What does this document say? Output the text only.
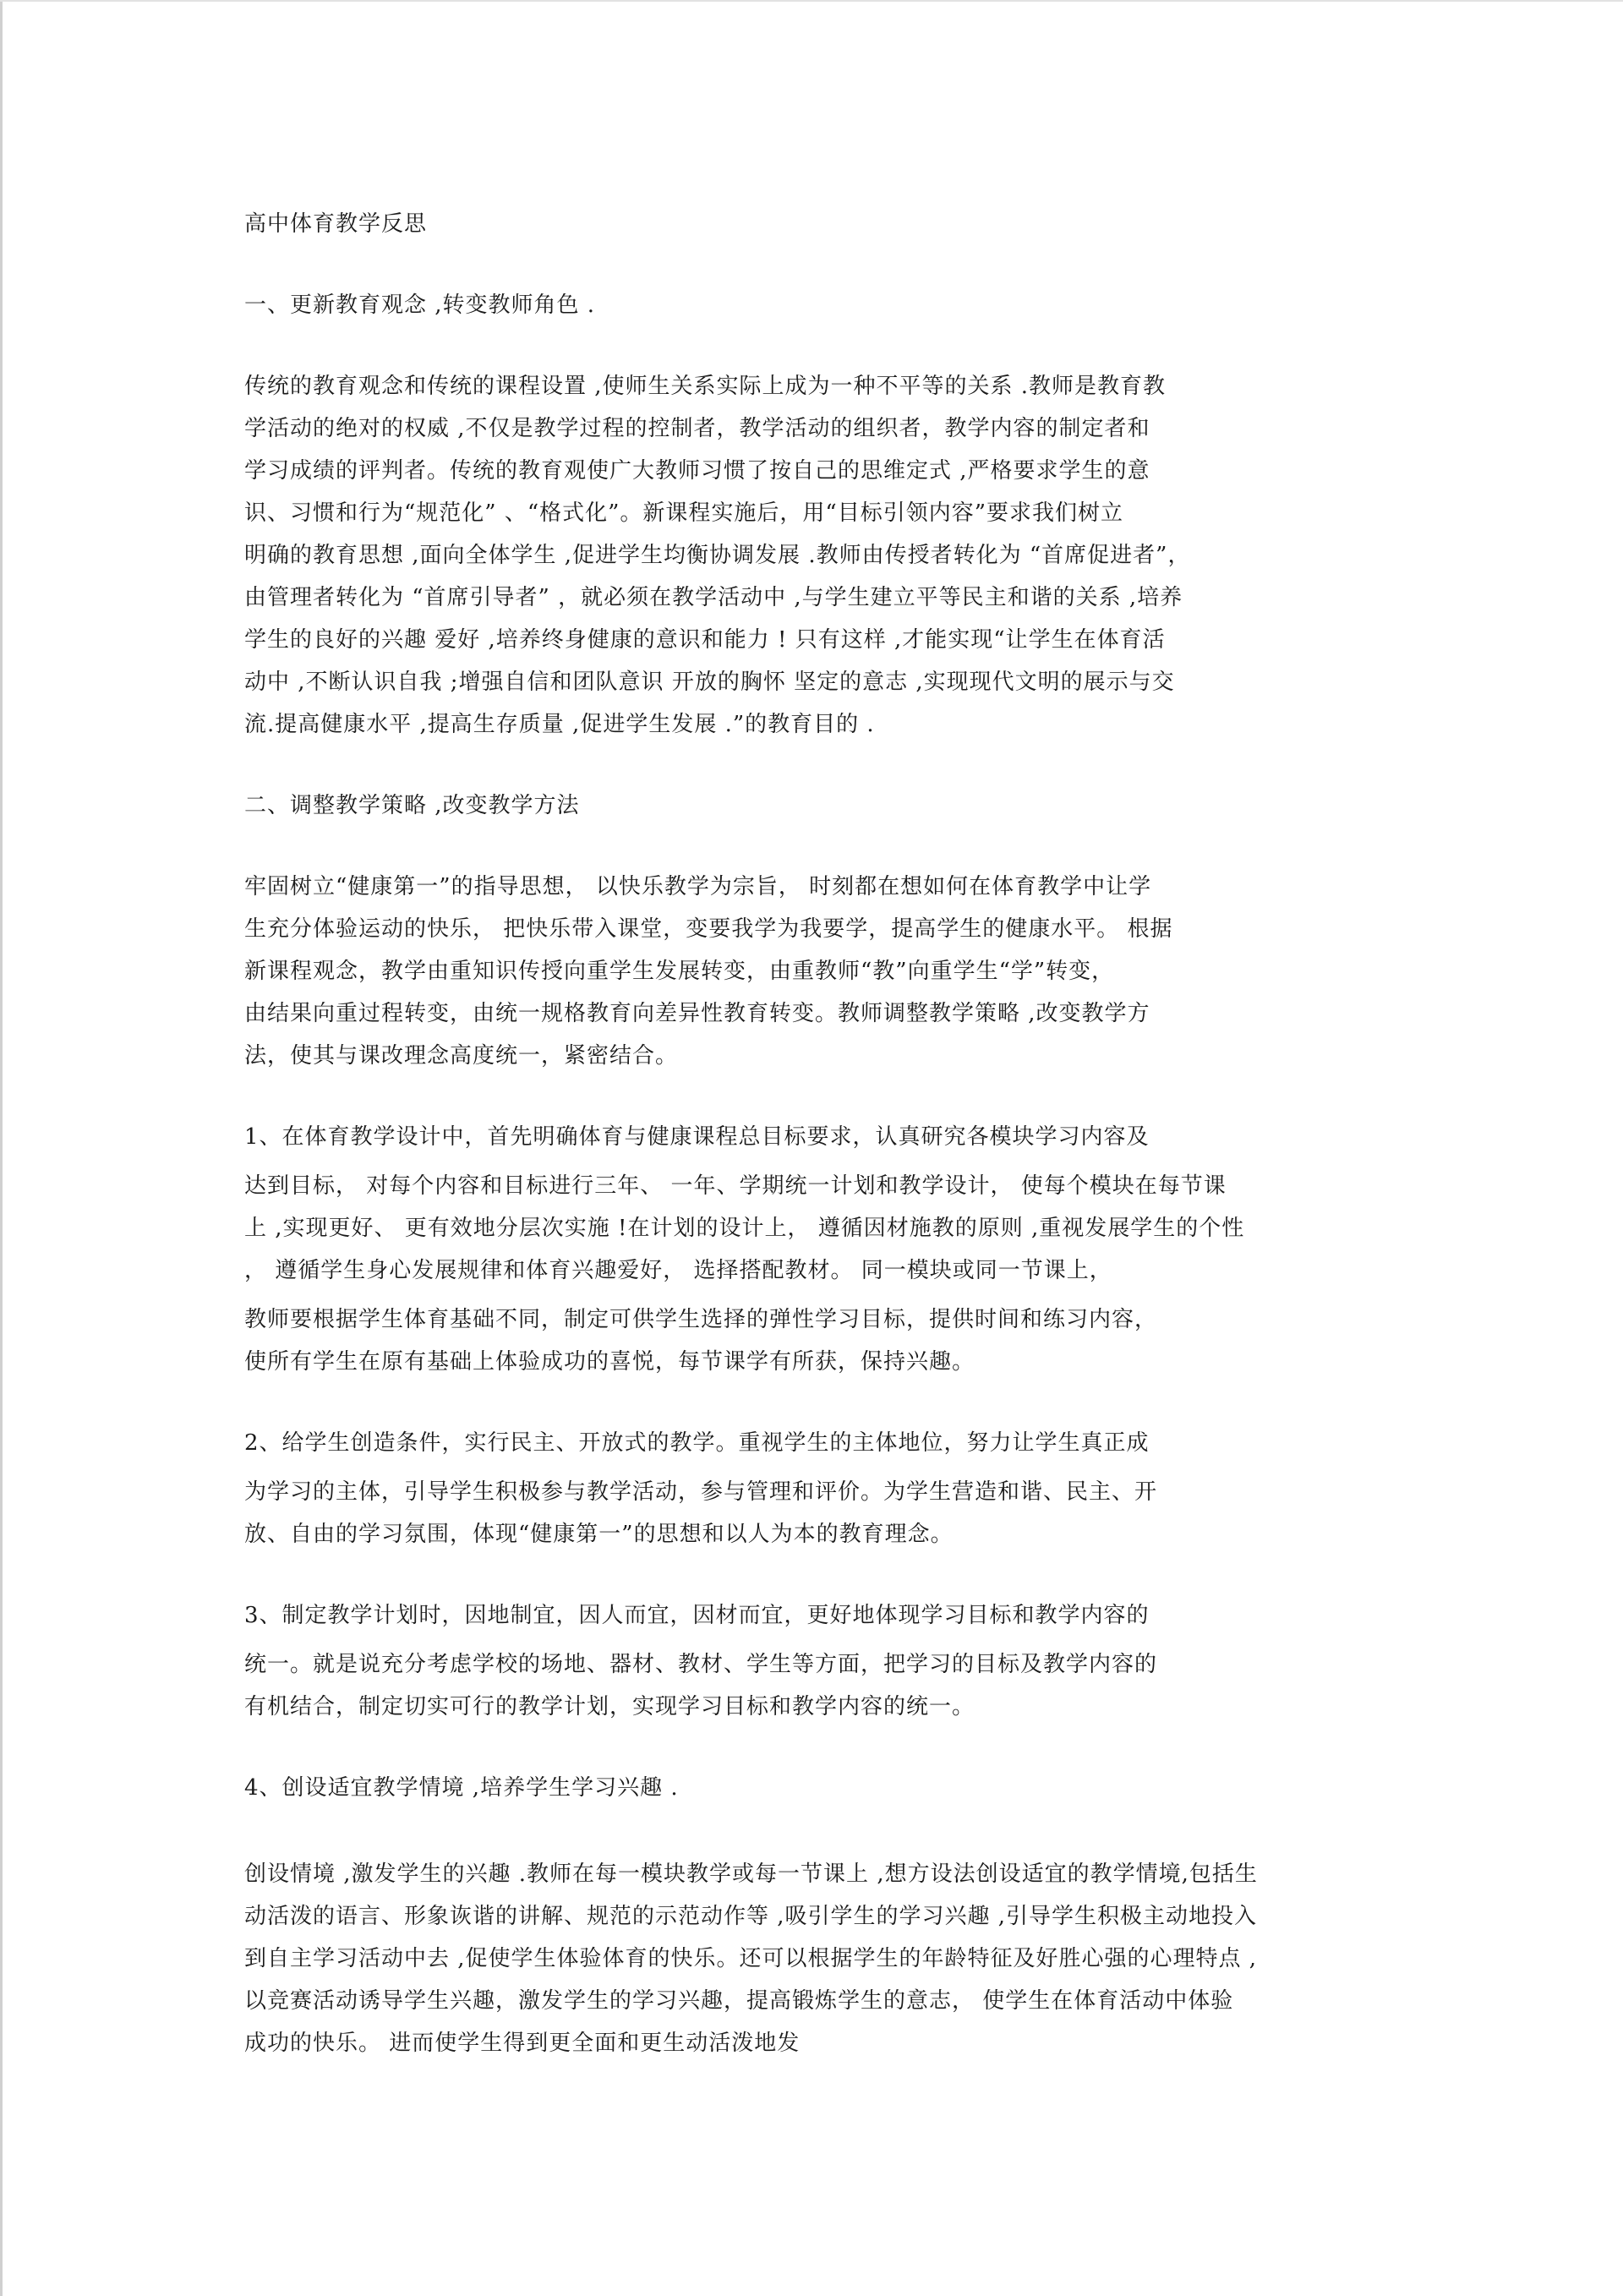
高中体育教学反思
一、更新教育观念 ,转变教师角色 .
传统的教育观念和传统的课程设置 ,使师生关系实际上成为一种不平等的关系 .教师是教育教
学活动的绝对的权威 ,不仅是教学过程的控制者，教学活动的组织者，教学内容的制定者和
学习成绩的评判者。传统的教育观使广大教师习惯了按自己的思维定式 ,严格要求学生的意
识、习惯和行为“规范化” 、“格式化”。新课程实施后，用“目标引领内容”要求我们树立
明确的教育思想 ,面向全体学生 ,促进学生均衡协调发展 .教师由传授者转化为 “首席促进者”，
由管理者转化为 “首席引导者” ，就必须在教学活动中 ,与学生建立平等民主和谐的关系 ,培养
学生的良好的兴趣 爱好 ,培养终身健康的意识和能力 ! 只有这样 ,才能实现“让学生在体育活
动中 ,不断认识自我 ;增强自信和团队意识 开放的胸怀 坚定的意志 ,实现现代文明的展示与交
流.提高健康水平 ,提高生存质量 ,促进学生发展 .”的教育目的 .
二、调整教学策略 ,改变教学方法
牢固树立“健康第一”的指导思想， 以快乐教学为宗旨， 时刻都在想如何在体育教学中让学
生充分体验运动的快乐， 把快乐带入课堂，变要我学为我要学，提高学生的健康水平。 根据
新课程观念，教学由重知识传授向重学生发展转变，由重教师“教”向重学生“学”转变，
由结果向重过程转变，由统一规格教育向差异性教育转变。教师调整教学策略 ,改变教学方
法，使其与课改理念高度统一，紧密结合。
1、在体育教学设计中，首先明确体育与健康课程总目标要求，认真研究各模块学习内容及
达到目标， 对每个内容和目标进行三年、 一年、学期统一计划和教学设计， 使每个模块在每节课
上 ,实现更好、 更有效地分层次实施 !在计划的设计上， 遵循因材施教的原则 ,重视发展学生的个性
， 遵循学生身心发展规律和体育兴趣爱好， 选择搭配教材。 同一模块或同一节课上，
教师要根据学生体育基础不同，制定可供学生选择的弹性学习目标，提供时间和练习内容，
使所有学生在原有基础上体验成功的喜悦，每节课学有所获，保持兴趣。
2、给学生创造条件，实行民主、开放式的教学。重视学生的主体地位，努力让学生真正成
为学习的主体，引导学生积极参与教学活动，参与管理和评价。为学生营造和谐、民主、开
放、自由的学习氛围，体现“健康第一”的思想和以人为本的教育理念。
3、制定教学计划时，因地制宜，因人而宜，因材而宜，更好地体现学习目标和教学内容的
统一。就是说充分考虑学校的场地、器材、教材、学生等方面，把学习的目标及教学内容的
有机结合，制定切实可行的教学计划，实现学习目标和教学内容的统一。
4、创设适宜教学情境 ,培养学生学习兴趣 .
创设情境 ,激发学生的兴趣 .教师在每一模块教学或每一节课上 ,想方设法创设适宜的教学情境,包括生
动活泼的语言、形象诙谐的讲解、规范的示范动作等 ,吸引学生的学习兴趣 ,引导学生积极主动地投入
到自主学习活动中去 ,促使学生体验体育的快乐。还可以根据学生的年龄特征及好胜心强的心理特点 ,
以竞赛活动诱导学生兴趣，激发学生的学习兴趣，提高锻炼学生的意志， 使学生在体育活动中体验
成功的快乐。 进而使学生得到更全面和更生动活泼地发
